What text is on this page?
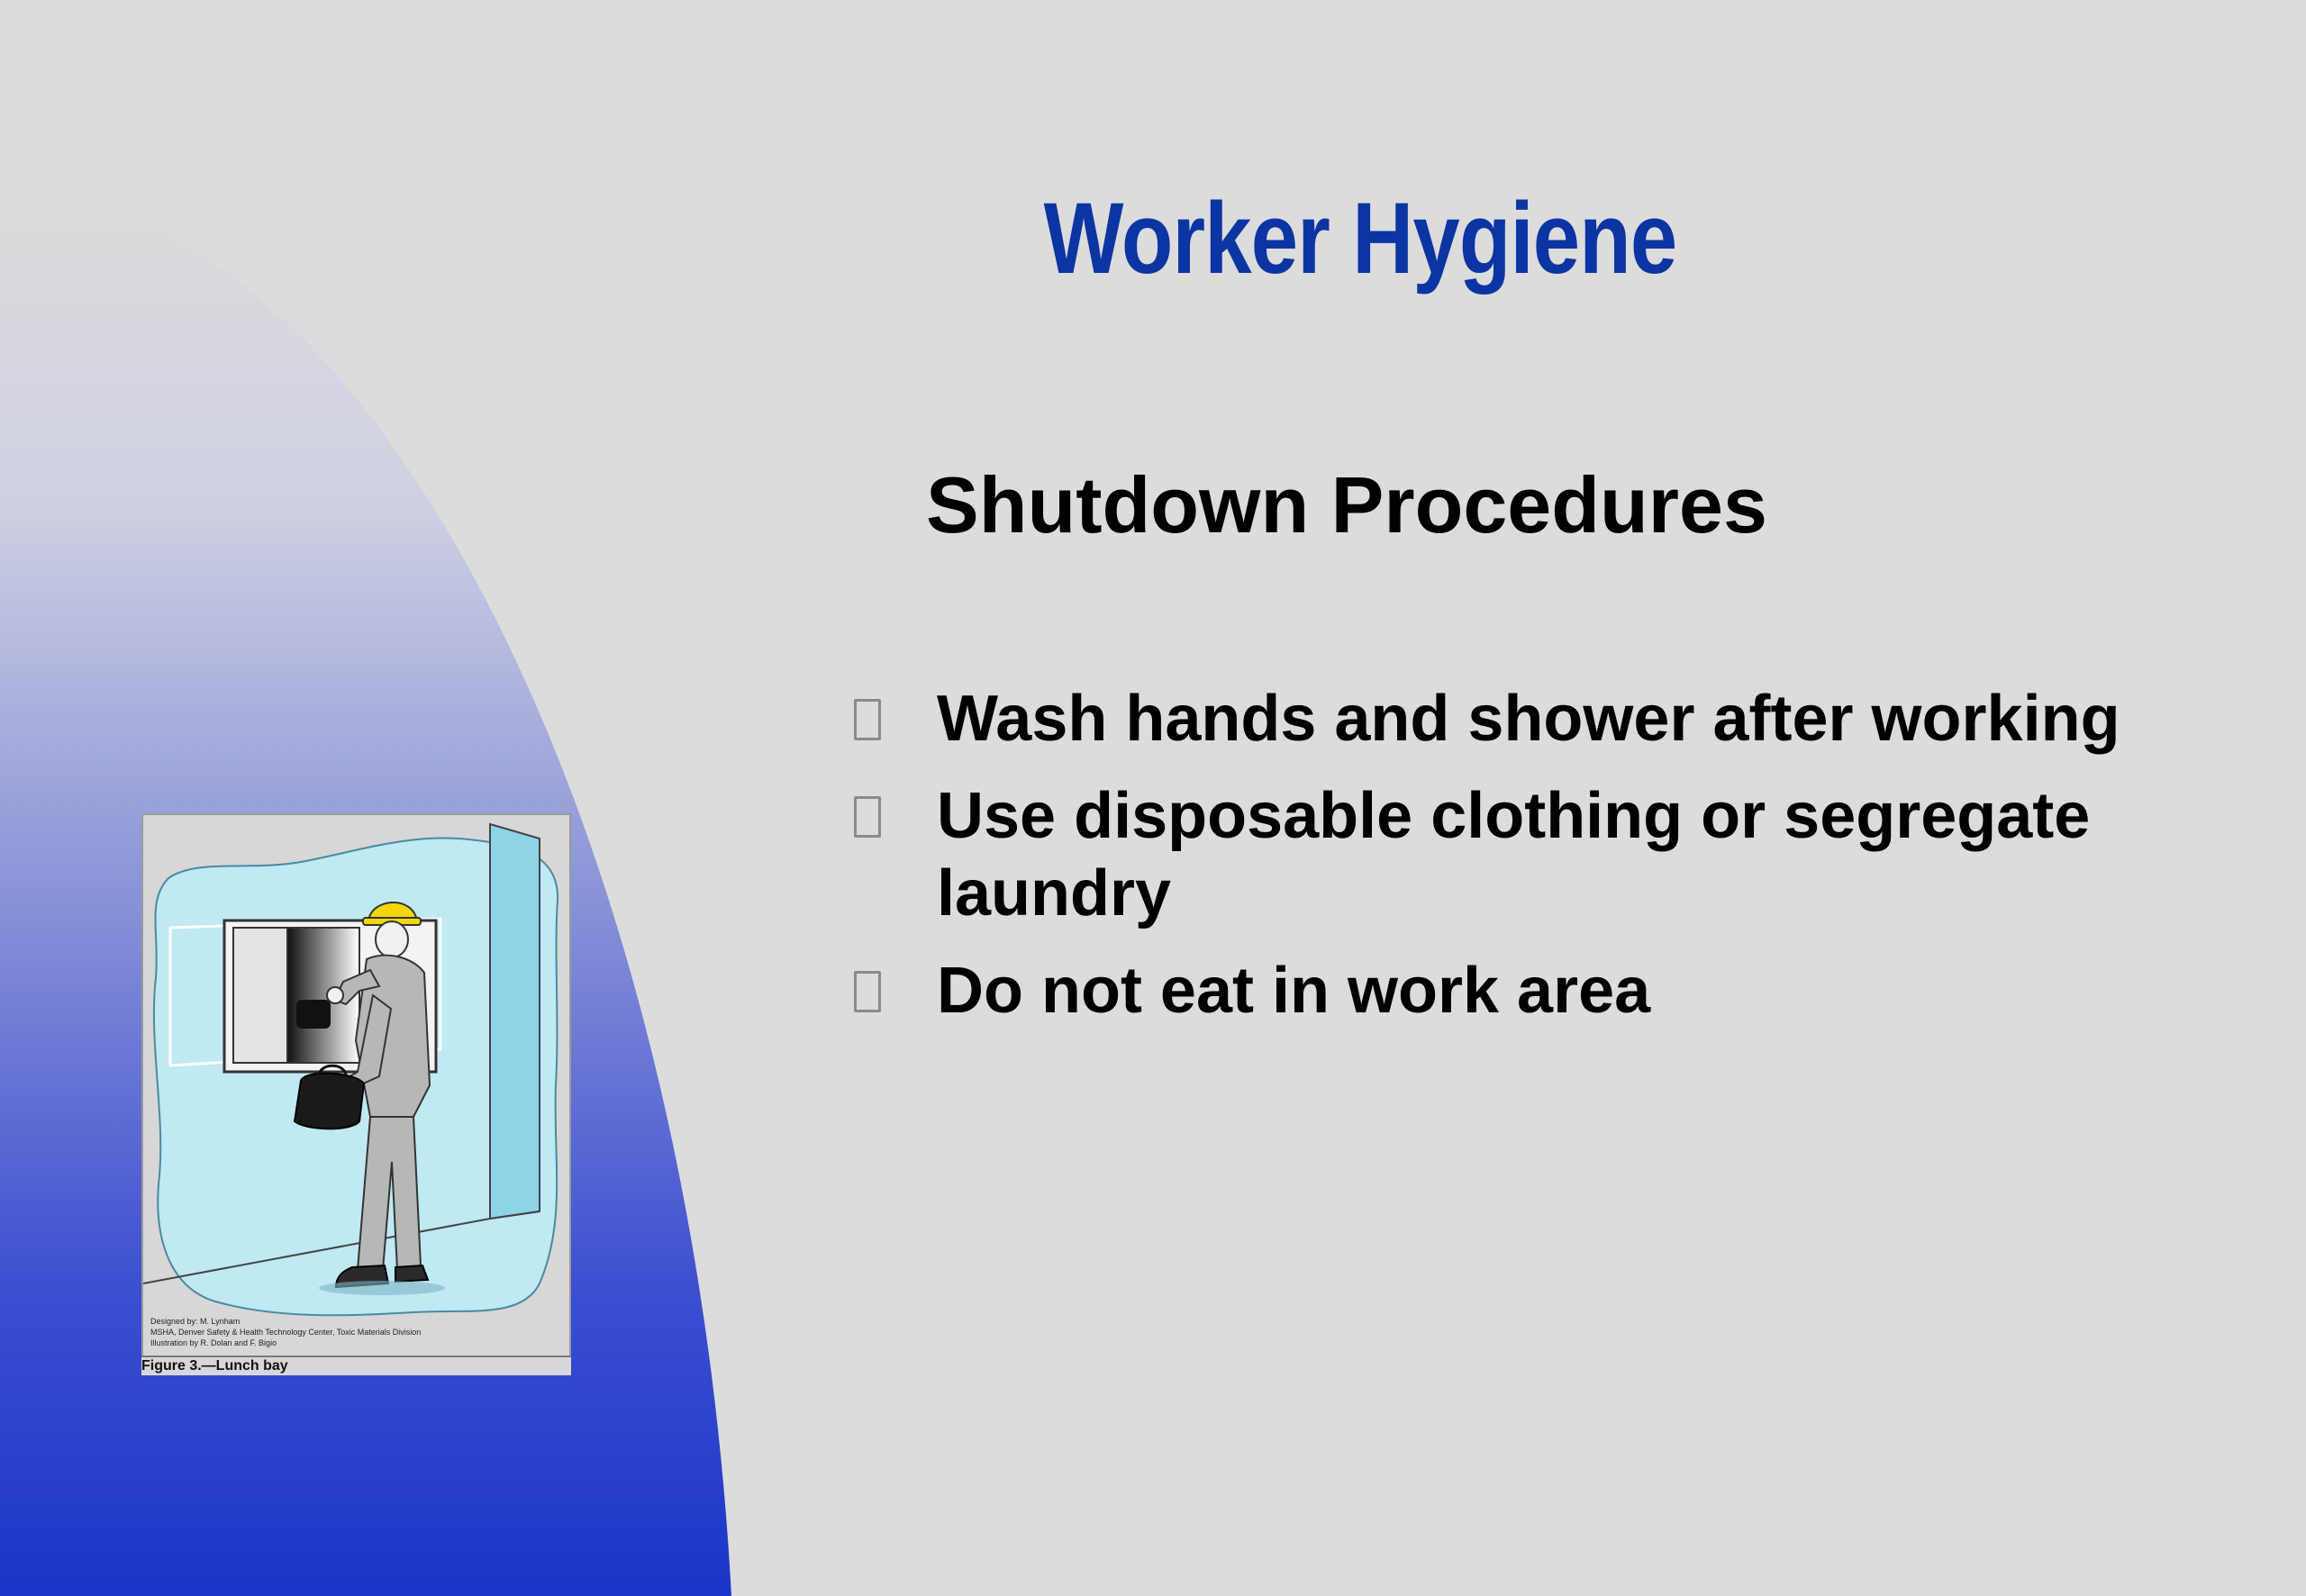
Worker Hygiene
Shutdown Procedures
Wash hands and shower after working
Use disposable clothing or segregate laundry
Do not eat in work area
Designed by: M. Lynham
MSHA, Denver Safety & Health Technology Center, Toxic Materials Division
Illustration by R. Dolan and F. Bigio
Figure 3.—Lunch bay
